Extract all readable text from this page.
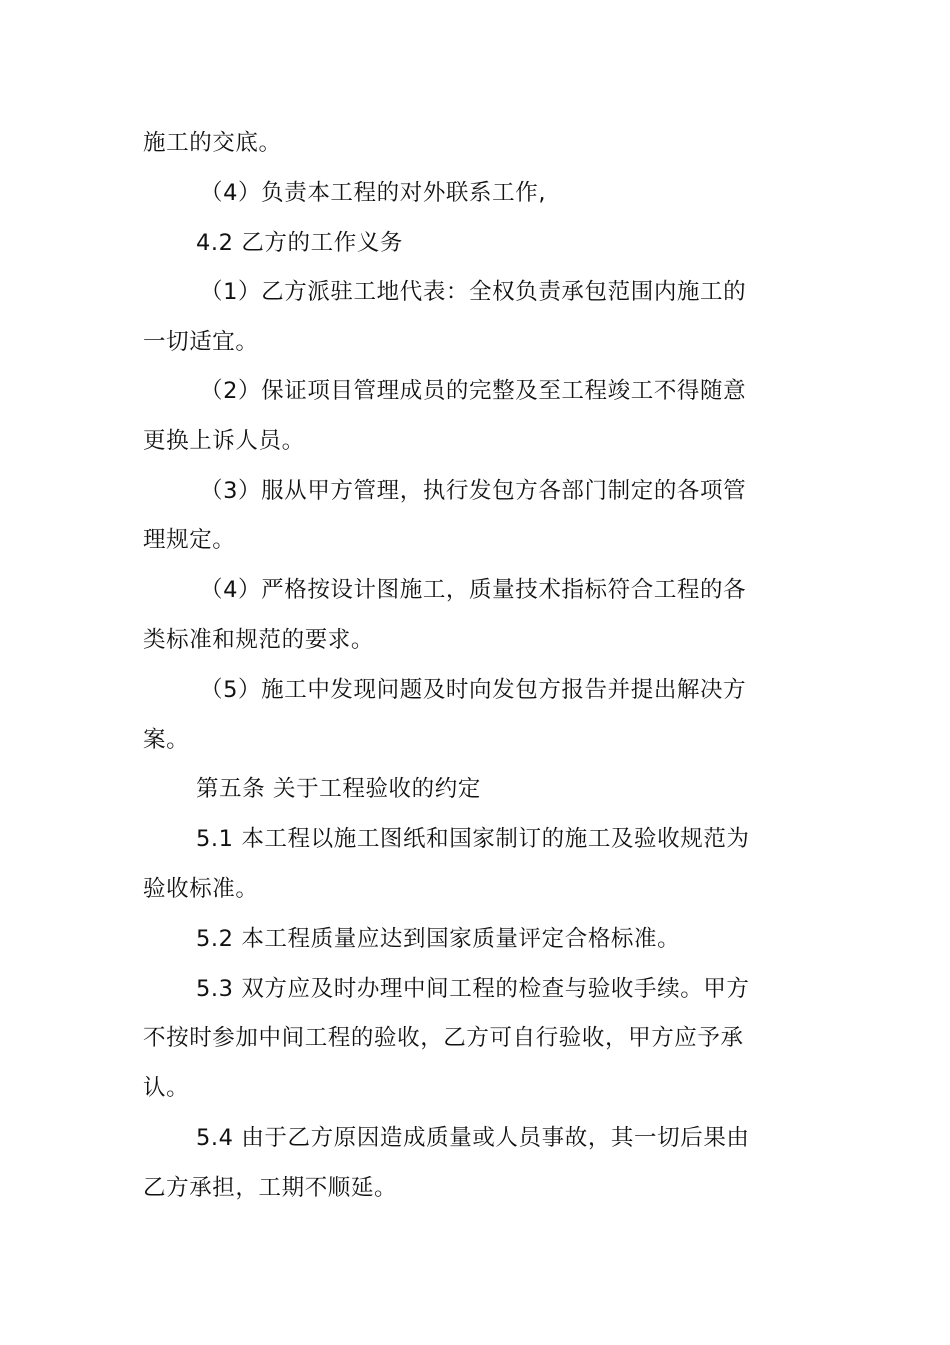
施工的交底。
（4）负责本工程的对外联系工作,
4.2 乙方的工作义务
（1）乙方派驻工地代表：全权负责承包范围内施工的
一切适宜。
（2）保证项目管理成员的完整及至工程竣工不得随意
更换上诉人员。
（3）服从甲方管理，执行发包方各部门制定的各项管
理规定。
（4）严格按设计图施工，质量技术指标符合工程的各
类标准和规范的要求。
（5）施工中发现问题及时向发包方报告并提出解决方
案。
第五条 关于工程验收的约定
5.1 本工程以施工图纸和国家制订的施工及验收规范为
验收标准。
5.2 本工程质量应达到国家质量评定合格标准。
5.3 双方应及时办理中间工程的检查与验收手续。甲方
不按时参加中间工程的验收，乙方可自行验收，甲方应予承
认。
5.4 由于乙方原因造成质量或人员事故，其一切后果由
乙方承担，工期不顺延。
